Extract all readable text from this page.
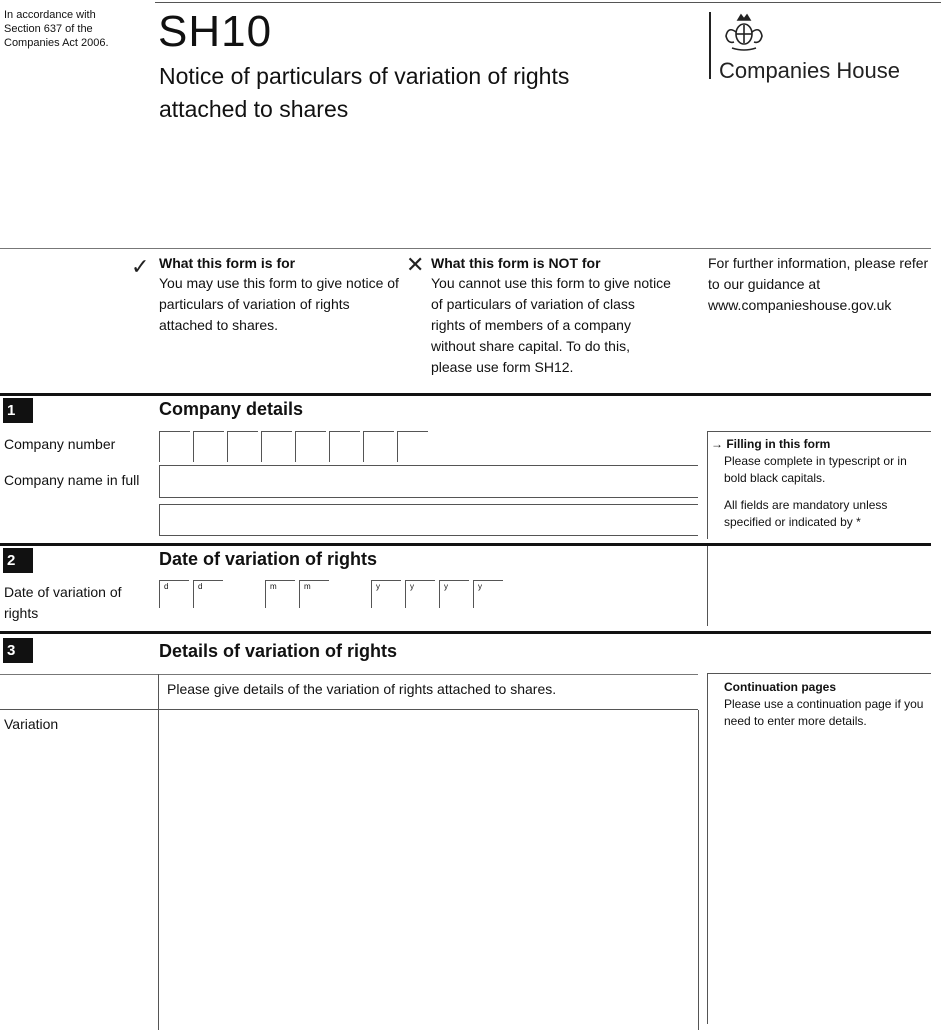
In accordance with Section 637 of the Companies Act 2006.	SH10
Notice of particulars of variation of rights attached to shares
Companies House
✓ What this form is for
You may use this form to give notice of particulars of variation of rights attached to shares.
✕ What this form is NOT for
You cannot use this form to give notice of particulars of variation of class rights of members of a company without share capital. To do this, please use form SH12.
For further information, please refer to our guidance at www.companieshouse.gov.uk
1	Company details
Company number
Company name in full
→ Filling in this form
Please complete in typescript or in bold black capitals.
All fields are mandatory unless specified or indicated by *
2	Date of variation of rights
Date of variation of rights
d	d	m	m	y	y	y	y
3	Details of variation of rights
Please give details of the variation of rights attached to shares.
Variation
Continuation pages
Please use a continuation page if you need to enter more details.
